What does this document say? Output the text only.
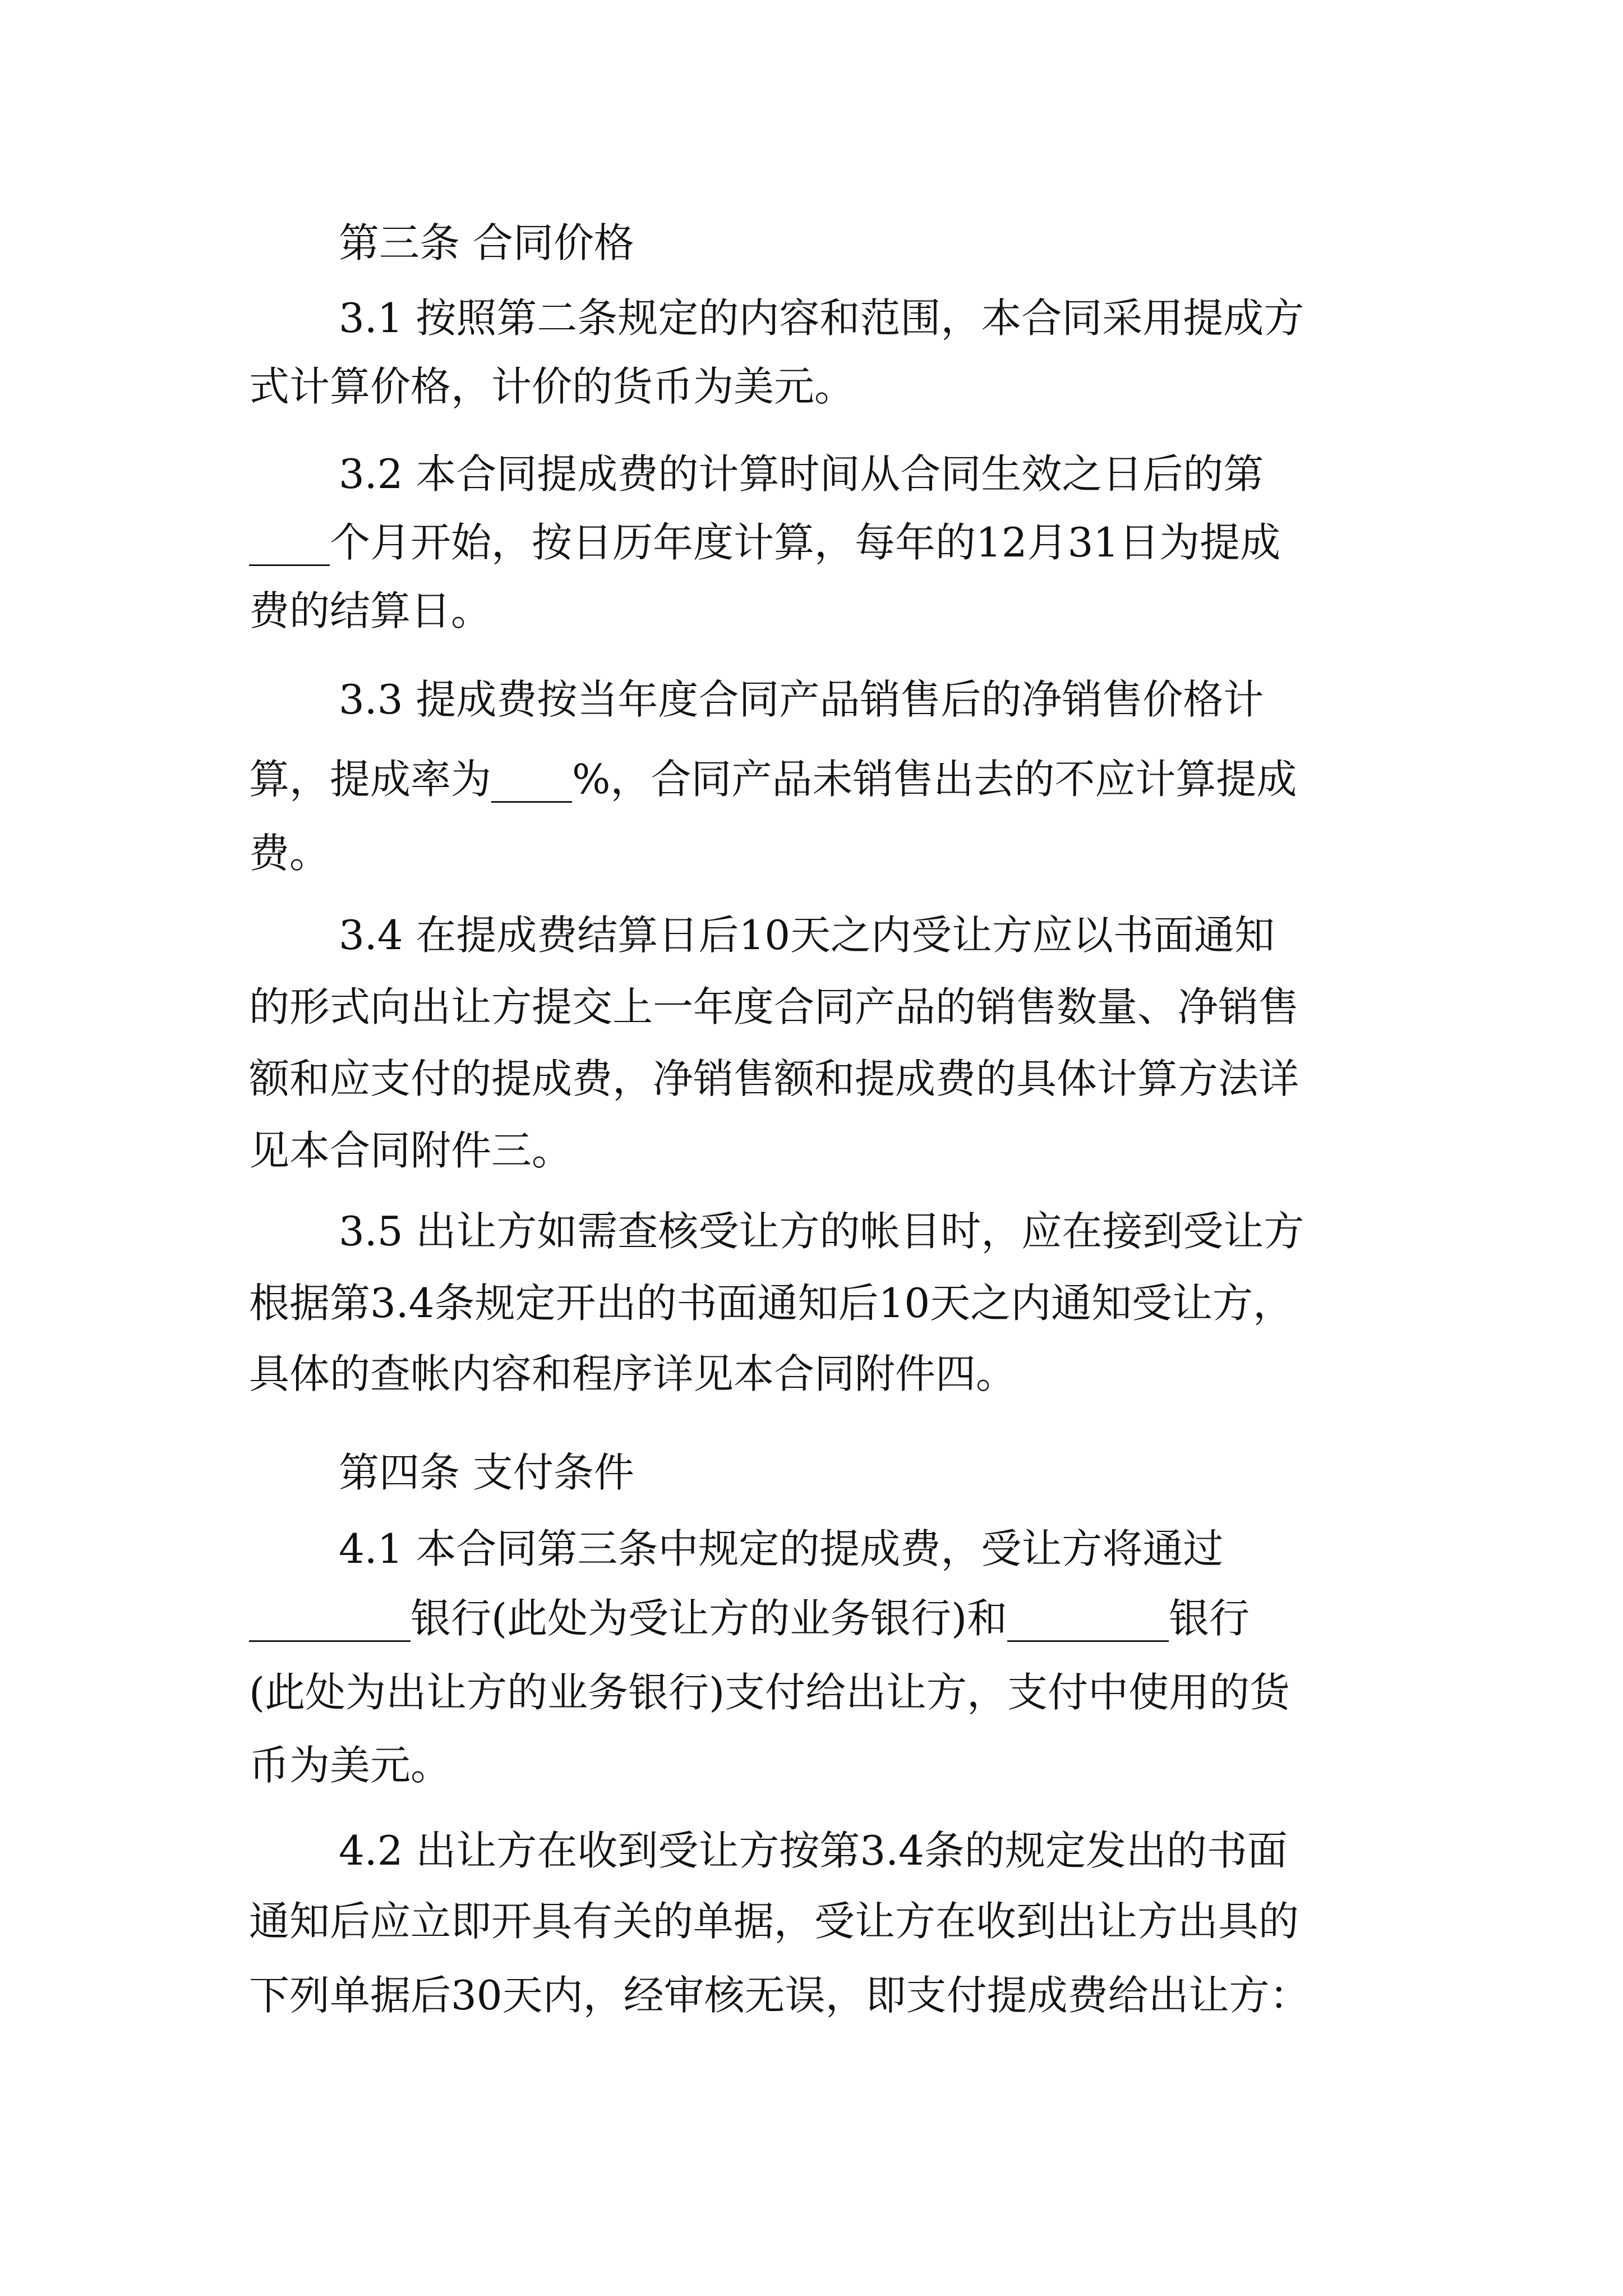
第三条 合同价格
3.1 按照第二条规定的内容和范围，本合同采用提成方
式计算价格，计价的货币为美元。
3.2 本合同提成费的计算时间从合同生效之日后的第
____个月开始，按日历年度计算，每年的12月31日为提成
费的结算日。
3.3 提成费按当年度合同产品销售后的净销售价格计
算，提成率为____%，合同产品未销售出去的不应计算提成
费。
3.4 在提成费结算日后10天之内受让方应以书面通知
的形式向出让方提交上一年度合同产品的销售数量、净销售
额和应支付的提成费，净销售额和提成费的具体计算方法详
见本合同附件三。
3.5 出让方如需查核受让方的帐目时，应在接到受让方
根据第3.4条规定开出的书面通知后10天之内通知受让方，
具体的查帐内容和程序详见本合同附件四。
第四条 支付条件
4.1 本合同第三条中规定的提成费，受让方将通过
________银行(此处为受让方的业务银行)和________银行
(此处为出让方的业务银行)支付给出让方，支付中使用的货
币为美元。
4.2 出让方在收到受让方按第3.4条的规定发出的书面
通知后应立即开具有关的单据，受让方在收到出让方出具的
下列单据后30天内，经审核无误，即支付提成费给出让方：
